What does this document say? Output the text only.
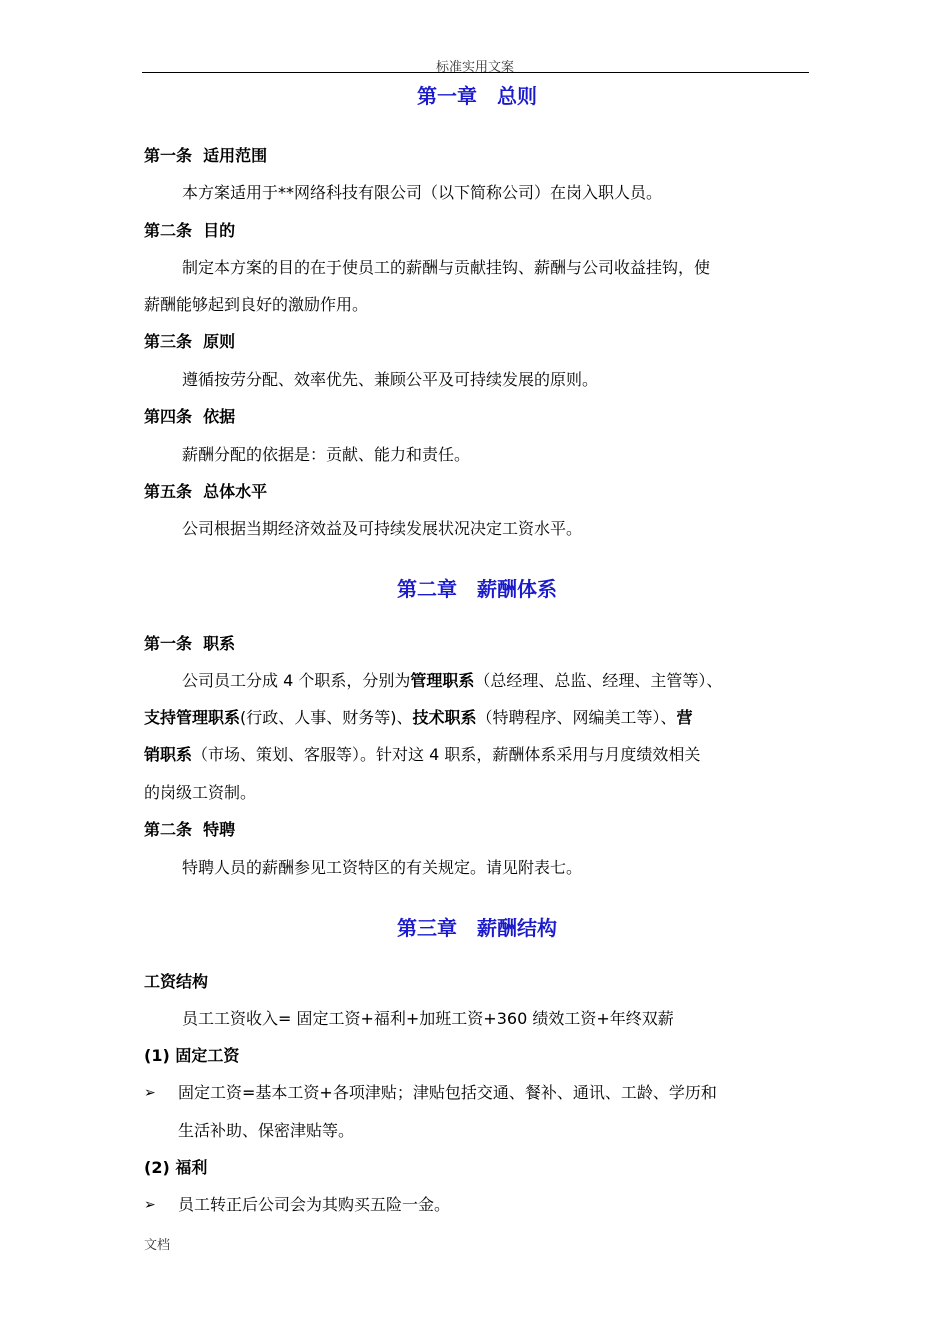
标准实用文案
第一章　总则
第一条  适用范围
本方案适用于**网络科技有限公司（以下简称公司）在岗入职人员。
第二条  目的
制定本方案的目的在于使员工的薪酬与贡献挂钩、薪酬与公司收益挂钩，使
薪酬能够起到良好的激励作用。
第三条  原则
遵循按劳分配、效率优先、兼顾公平及可持续发展的原则。
第四条  依据
薪酬分配的依据是：贡献、能力和责任。
第五条  总体水平
公司根据当期经济效益及可持续发展状况决定工资水平。
第二章　薪酬体系
第一条  职系
公司员工分成 4 个职系，分别为管理职系（总经理、总监、经理、主管等）、
支持管理职系(行政、人事、财务等)、技术职系（特聘程序、网编美工等）、营
销职系（市场、策划、客服等）。针对这 4 职系，薪酬体系采用与月度绩效相关
的岗级工资制。
第二条  特聘
特聘人员的薪酬参见工资特区的有关规定。请见附表七。
第三章　薪酬结构
工资结构
员工工资收入= 固定工资+福利+加班工资+360 绩效工资+年终双薪
(1) 固定工资
➢ 固定工资=基本工资+各项津贴；津贴包括交通、餐补、通讯、工龄、学历和
生活补助、保密津贴等。
(2) 福利
➢ 员工转正后公司会为其购买五险一金。
文档
